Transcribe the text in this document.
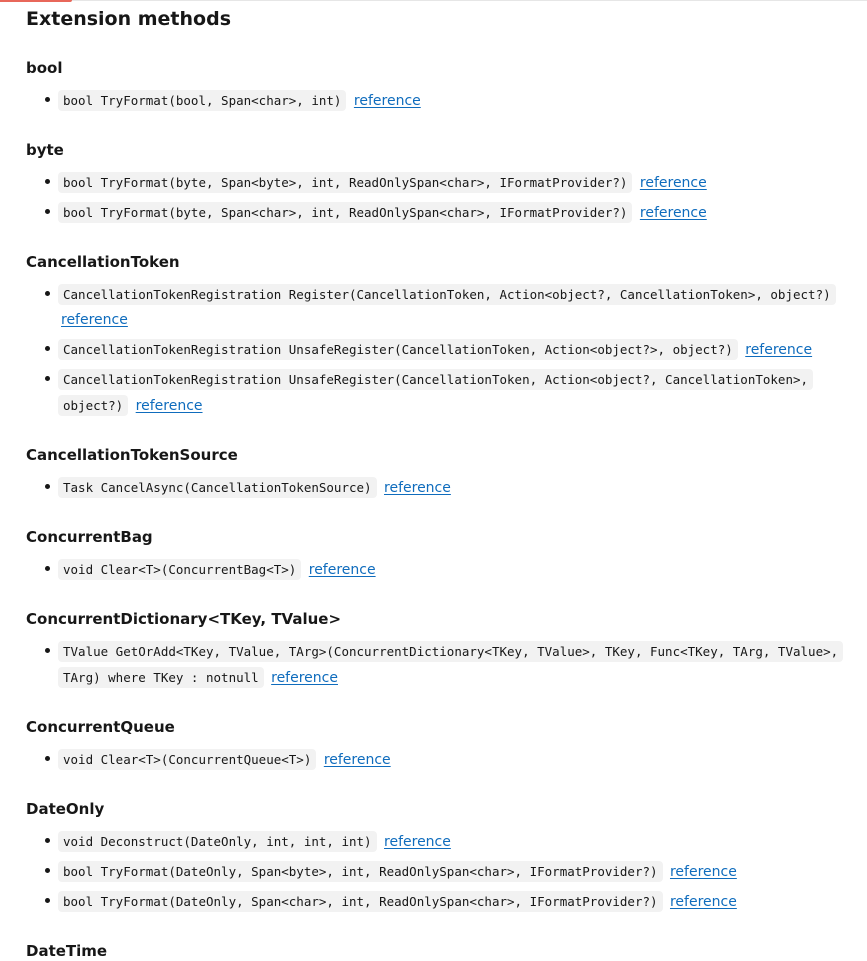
Extension methods
bool
bool TryFormat(bool, Span<char>, int) reference
byte
bool TryFormat(byte, Span<byte>, int, ReadOnlySpan<char>, IFormatProvider?) reference
bool TryFormat(byte, Span<char>, int, ReadOnlySpan<char>, IFormatProvider?) reference
CancellationToken
CancellationTokenRegistration Register(CancellationToken, Action<object?, CancellationToken>, object?) reference
CancellationTokenRegistration UnsafeRegister(CancellationToken, Action<object?>, object?) reference
CancellationTokenRegistration UnsafeRegister(CancellationToken, Action<object?, CancellationToken>, object?) reference
CancellationTokenSource
Task CancelAsync(CancellationTokenSource) reference
ConcurrentBag
void Clear<T>(ConcurrentBag<T>) reference
ConcurrentDictionary<TKey, TValue>
TValue GetOrAdd<TKey, TValue, TArg>(ConcurrentDictionary<TKey, TValue>, TKey, Func<TKey, TArg, TValue>, TArg) where TKey : notnull reference
ConcurrentQueue
void Clear<T>(ConcurrentQueue<T>) reference
DateOnly
void Deconstruct(DateOnly, int, int, int) reference
bool TryFormat(DateOnly, Span<byte>, int, ReadOnlySpan<char>, IFormatProvider?) reference
bool TryFormat(DateOnly, Span<char>, int, ReadOnlySpan<char>, IFormatProvider?) reference
DateTime
